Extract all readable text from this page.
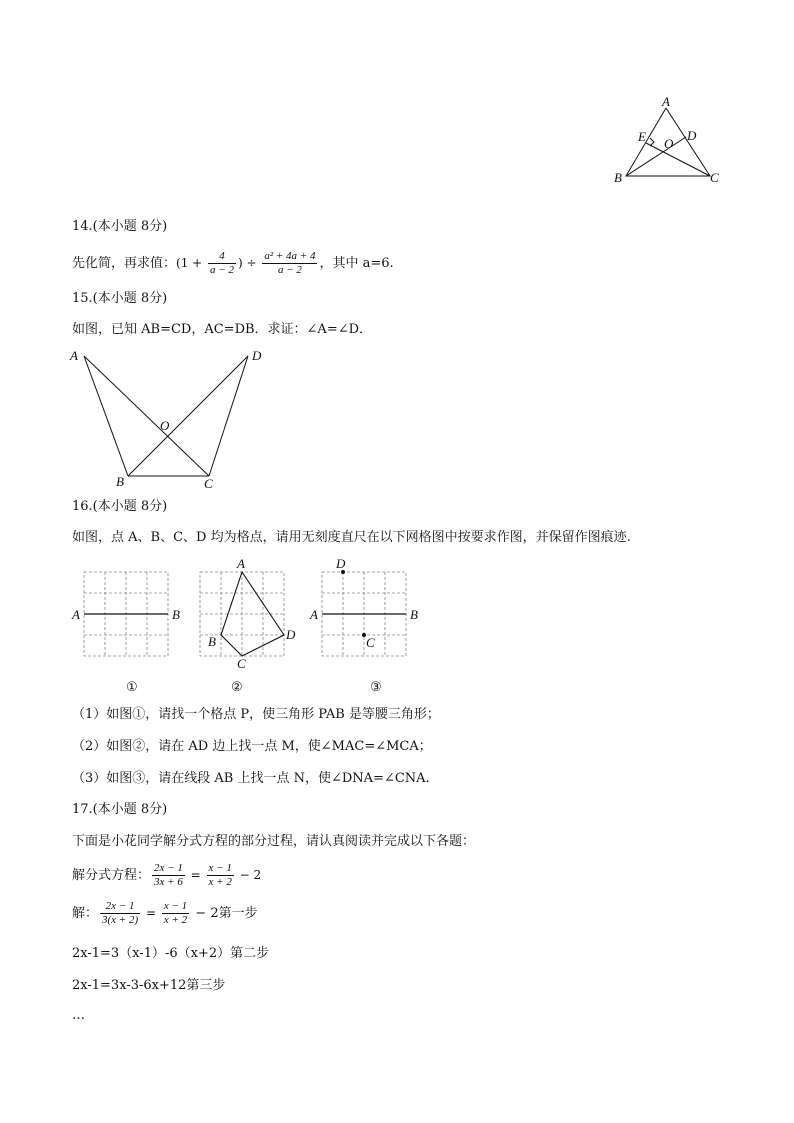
A
B	C
D
E O
14.(本小题 8分)
先化简，再求值：($1 + \frac{4}{a - 2}$ ) ÷ $\frac{\text{a² + 4a + 4}}{a - 2}$ ，其中 a=6.
15.(本小题 8分)
如图，已知 AB=CD，AC=DB．求证：∠A=∠D．
A	D
O
B	C
16.(本小题 8分)
如图，点 A、B、C、D 均为格点，请用无刻度直尺在以下网格图中按要求作图，并保留作图痕迹.
A	B
①
A
B
C
D
②
D
A	B
C
③
（1）如图①，请找一个格点 P，使三角形 PAB 是等腰三角形；
（2）如图②，请在 AD 边上找一点 M，使∠MAC=∠MCA；
（3）如图③，请在线段 AB 上找一点 N，使∠DNA=∠CNA.
17.(本小题 8分)
下面是小花同学解分式方程的部分过程，请认真阅读并完成以下各题：
解分式方程： $\frac{2x - 1}{3x + 6} = \frac{x - 1}{x + 2} - 2$
解： $\frac{2x - 1}{3(x + 2)} = \frac{x - 1}{x + 2} - 2$第一步
2x-1=3（x-1）-6（x+2）第二步
2x-1=3x-3-6x+12第三步
…
